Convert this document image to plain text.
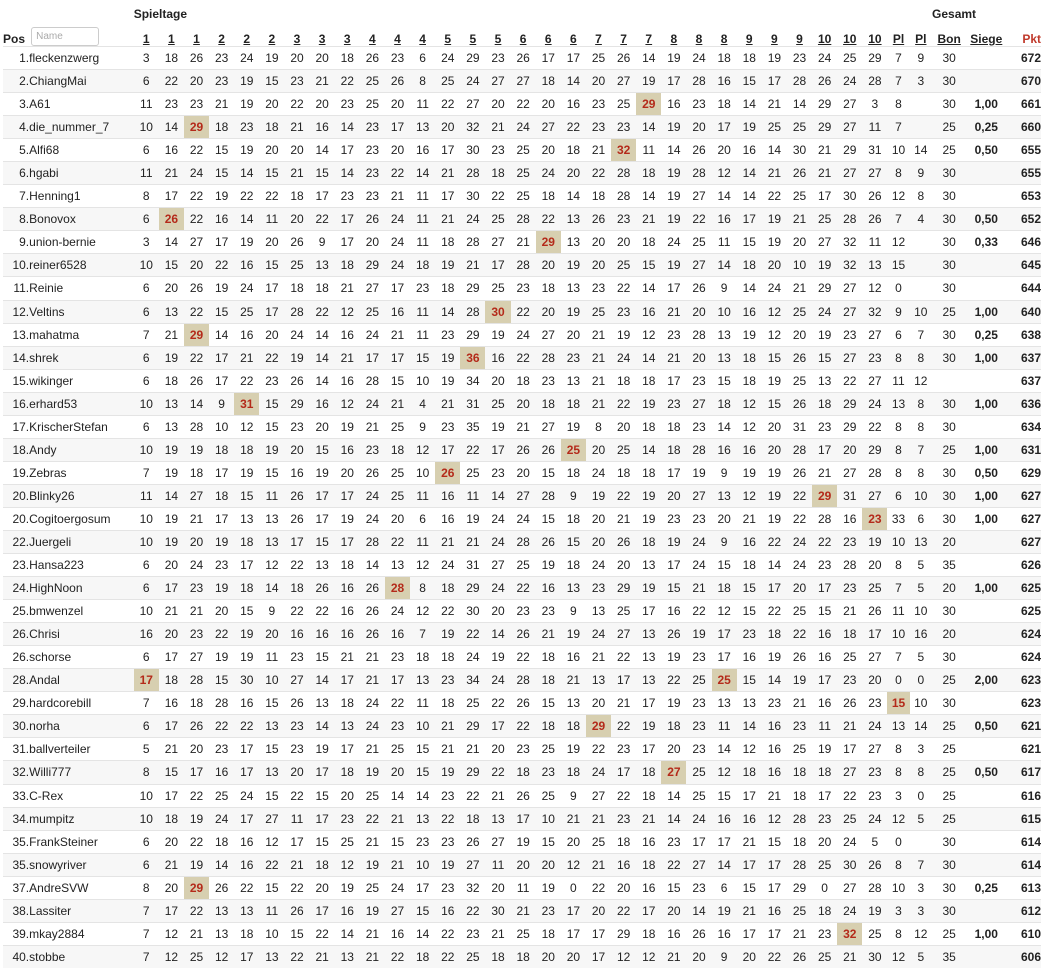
		Spieltage																																Gesamt		
Pos	Name	1	1	1	2	2	2	3	3	3	4	4	4	5	5	5	6	6	6	7	7	7	8	8	8	9	9	9	10	10	10	Pl	Pl	Bon	Siege	Pkt
1.	fleckenzwerg	3	18	26	23	24	19	20	20	18	26	23	6	24	29	23	26	17	17	25	26	14	19	24	18	18	19	23	24	25	29	7	9	30		672
2.	ChiangMai	6	22	20	23	19	15	23	21	22	25	26	8	25	24	27	27	18	14	20	27	19	17	28	16	15	17	28	26	24	28	7	3	30		670
3.	A61	11	23	23	21	19	20	22	20	23	25	20	11	22	27	20	22	20	16	23	25	29	16	23	18	14	21	14	29	27	3	8		30	1,00	661
4.	die_nummer_7	10	14	29	18	23	18	21	16	14	23	17	13	20	32	21	24	27	22	23	23	14	19	20	17	19	25	25	29	27	11	7		25	0,25	660
5.	Alfi68	6	16	22	15	19	20	20	14	17	23	20	16	17	30	23	25	20	18	21	32	11	14	26	20	16	14	30	21	29	31	10	14	25	0,50	655
6.	hgabi	11	21	24	15	14	15	21	15	14	23	22	14	21	28	18	25	24	20	22	28	18	19	28	12	14	21	26	21	27	27	8	9	30		655
7.	Henning1	8	17	22	19	22	22	18	17	23	23	21	11	17	30	22	25	18	14	18	28	14	19	27	14	14	22	25	17	30	26	12	8	30		653
8.	Bonovox	6	26	22	16	14	11	20	22	17	26	24	11	21	24	25	28	22	13	26	23	21	19	22	16	17	19	21	25	28	26	7	4	30	0,50	652
9.	union-bernie	3	14	27	17	19	20	26	9	17	20	24	11	18	28	27	21	29	13	20	20	18	24	25	11	15	19	20	27	32	11	12		30	0,33	646
10.	reiner6528	10	15	20	22	16	15	25	13	18	29	24	18	19	21	17	28	20	19	20	25	15	19	27	14	18	20	10	19	32	13	15		30		645
11.	Reinie	6	20	26	19	24	17	18	18	21	27	17	23	18	29	25	23	18	13	23	22	14	17	26	9	14	24	21	29	27	12	0		30		644
12.	Veltins	6	13	22	15	25	17	28	22	12	25	16	11	14	28	30	22	20	19	25	23	16	21	20	10	16	12	25	24	27	32	9	10	25	1,00	640
13.	mahatma	7	21	29	14	16	20	24	14	16	24	21	11	23	29	19	24	27	20	21	19	12	23	28	13	19	12	20	19	23	27	6	7	30	0,25	638
14.	shrek	6	19	22	17	21	22	19	14	21	17	17	15	19	36	16	22	28	23	21	24	14	21	20	13	18	15	26	15	27	23	8	8	30	1,00	637
15.	wikinger	6	18	26	17	22	23	26	14	16	28	15	10	19	34	20	18	23	13	21	18	18	17	23	15	18	19	25	13	22	27	11	12			637
16.	erhard53	10	13	14	9	31	15	29	16	12	24	21	4	21	31	25	20	18	18	21	22	19	23	27	18	12	15	26	18	29	24	13	8	30	1,00	636
17.	KrischerStefan	6	13	28	10	12	15	23	20	19	21	25	9	23	35	19	21	27	19	8	20	18	18	23	14	12	20	31	23	29	22	8	8	30		634
18.	Andy	10	19	19	18	18	19	20	15	16	23	18	12	17	22	17	26	26	25	20	25	14	18	28	16	16	20	28	17	20	29	8	7	25	1,00	631
19.	Zebras	7	19	18	17	19	15	16	19	20	26	25	10	26	25	23	20	15	18	24	18	18	17	19	9	19	19	26	21	27	28	8	8	30	0,50	629
20.	Blinky26	11	14	27	18	15	11	26	17	17	24	25	11	16	11	14	27	28	9	19	22	19	20	27	13	12	19	22	29	31	27	6	10	30	1,00	627
20.	Cogitoergosum	10	19	21	17	13	13	26	17	19	24	20	6	16	19	24	24	15	18	20	21	19	23	23	20	21	19	22	28	16	23	33	6	30	1,00	627
22.	Juergeli	10	19	20	19	18	13	17	15	17	28	22	11	21	21	24	28	26	15	20	26	18	19	24	9	16	22	24	22	23	19	10	13	20		627
23.	Hansa223	6	20	24	23	17	12	22	13	18	14	13	12	24	31	27	25	19	18	24	20	13	17	24	15	18	14	24	23	28	20	8	5	35		626
24.	HighNoon	6	17	23	19	18	14	18	26	16	26	28	8	18	29	24	22	16	13	23	29	19	15	21	18	15	17	20	17	23	25	7	5	20	1,00	625
25.	bmwenzel	10	21	21	20	15	9	22	22	16	26	24	12	22	30	20	23	23	9	13	25	17	16	22	12	15	22	25	15	21	26	11	10	30		625
26.	Chrisi	16	20	23	22	19	20	16	16	16	26	16	7	19	22	14	26	21	19	24	27	13	26	19	17	23	18	22	16	18	17	10	16	20		624
26.	schorse	6	17	27	19	19	11	23	15	21	21	23	18	18	24	19	22	18	16	21	22	13	19	23	17	16	19	26	16	25	27	7	5	30		624
28.	Andal	17	18	28	15	30	10	27	14	17	21	17	13	23	34	24	28	18	21	13	17	13	22	25	25	15	14	19	17	23	20	0	0	25	2,00	623
29.	hardcorebill	7	16	18	28	16	15	26	13	18	24	22	11	18	25	22	26	15	13	20	21	17	19	23	13	13	23	21	16	26	23	15	10	30		623
30.	norha	6	17	26	22	22	13	23	14	13	24	23	10	21	29	17	22	18	18	29	22	19	18	23	11	14	16	23	11	21	24	13	14	25	0,50	621
31.	ballverteiler	5	21	20	23	17	15	23	19	17	21	25	15	21	21	20	23	25	19	22	23	17	20	23	14	12	16	25	19	17	27	8	3	25		621
32.	Willi777	8	15	17	16	17	13	20	17	18	19	20	15	19	29	22	18	23	18	24	17	18	27	25	12	18	16	18	18	27	23	8	8	25	0,50	617
33.	C-Rex	10	17	22	25	24	15	22	15	20	25	14	14	23	22	21	26	25	9	27	22	18	14	25	15	17	21	18	17	22	23	3	0	25		616
34.	mumpitz	10	18	19	24	17	27	11	17	23	22	21	13	22	18	13	17	10	21	21	23	21	14	24	16	16	12	28	23	25	24	12	5	25		615
35.	FrankSteiner	6	20	22	18	16	12	17	15	25	21	15	23	23	26	27	19	15	20	25	18	16	23	17	17	21	15	18	20	24	5	0		30		614
35.	snowyriver	6	21	19	14	16	22	21	18	12	19	21	10	19	27	11	20	20	12	21	16	18	22	27	14	17	17	28	25	30	26	8	7	30		614
37.	AndreSVW	8	20	29	26	22	15	22	20	19	25	24	17	23	32	20	11	19	0	22	20	16	15	23	6	15	17	29	0	27	28	10	3	30	0,25	613
38.	Lassiter	7	17	22	13	13	11	26	17	16	19	27	15	16	22	30	21	23	17	20	22	17	20	14	19	21	16	25	18	24	19	3	3	30		612
39.	mkay2884	7	12	21	13	18	10	15	22	14	21	16	14	22	23	21	25	18	17	17	29	18	16	26	16	17	17	21	23	32	25	8	12	25	1,00	610
40.	stobbe	7	12	25	12	17	13	22	21	13	21	22	18	22	25	18	18	20	20	17	12	12	21	20	9	20	22	26	25	21	30	12	5	35		606
